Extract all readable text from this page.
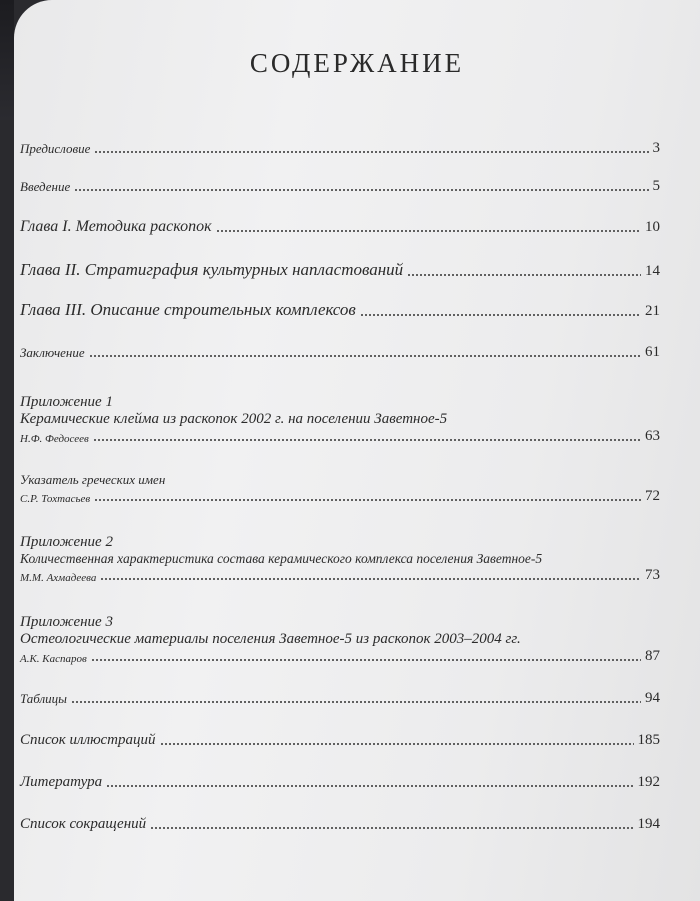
СОДЕРЖАНИЕ
Предисловие	3
Введение	5
Глава I. Методика раскопок	10
Глава II. Стратиграфия культурных напластований	14
Глава III. Описание строительных комплексов	21
Заключение	61
Приложение 1
Керамические клейма из раскопок 2002 г. на поселении Заветное-5
Н.Ф. Федосеев	63
Указатель греческих имен
С.Р. Тохтасьев	72
Приложение 2
Количественная характеристика состава керамического комплекса поселения Заветное-5
М.М. Ахмадеева	73
Приложение 3
Остеологические материалы поселения Заветное-5 из раскопок 2003–2004 гг.
А.К. Каспаров	87
Таблицы	94
Список иллюстраций	185
Литература	192
Список сокращений	194
